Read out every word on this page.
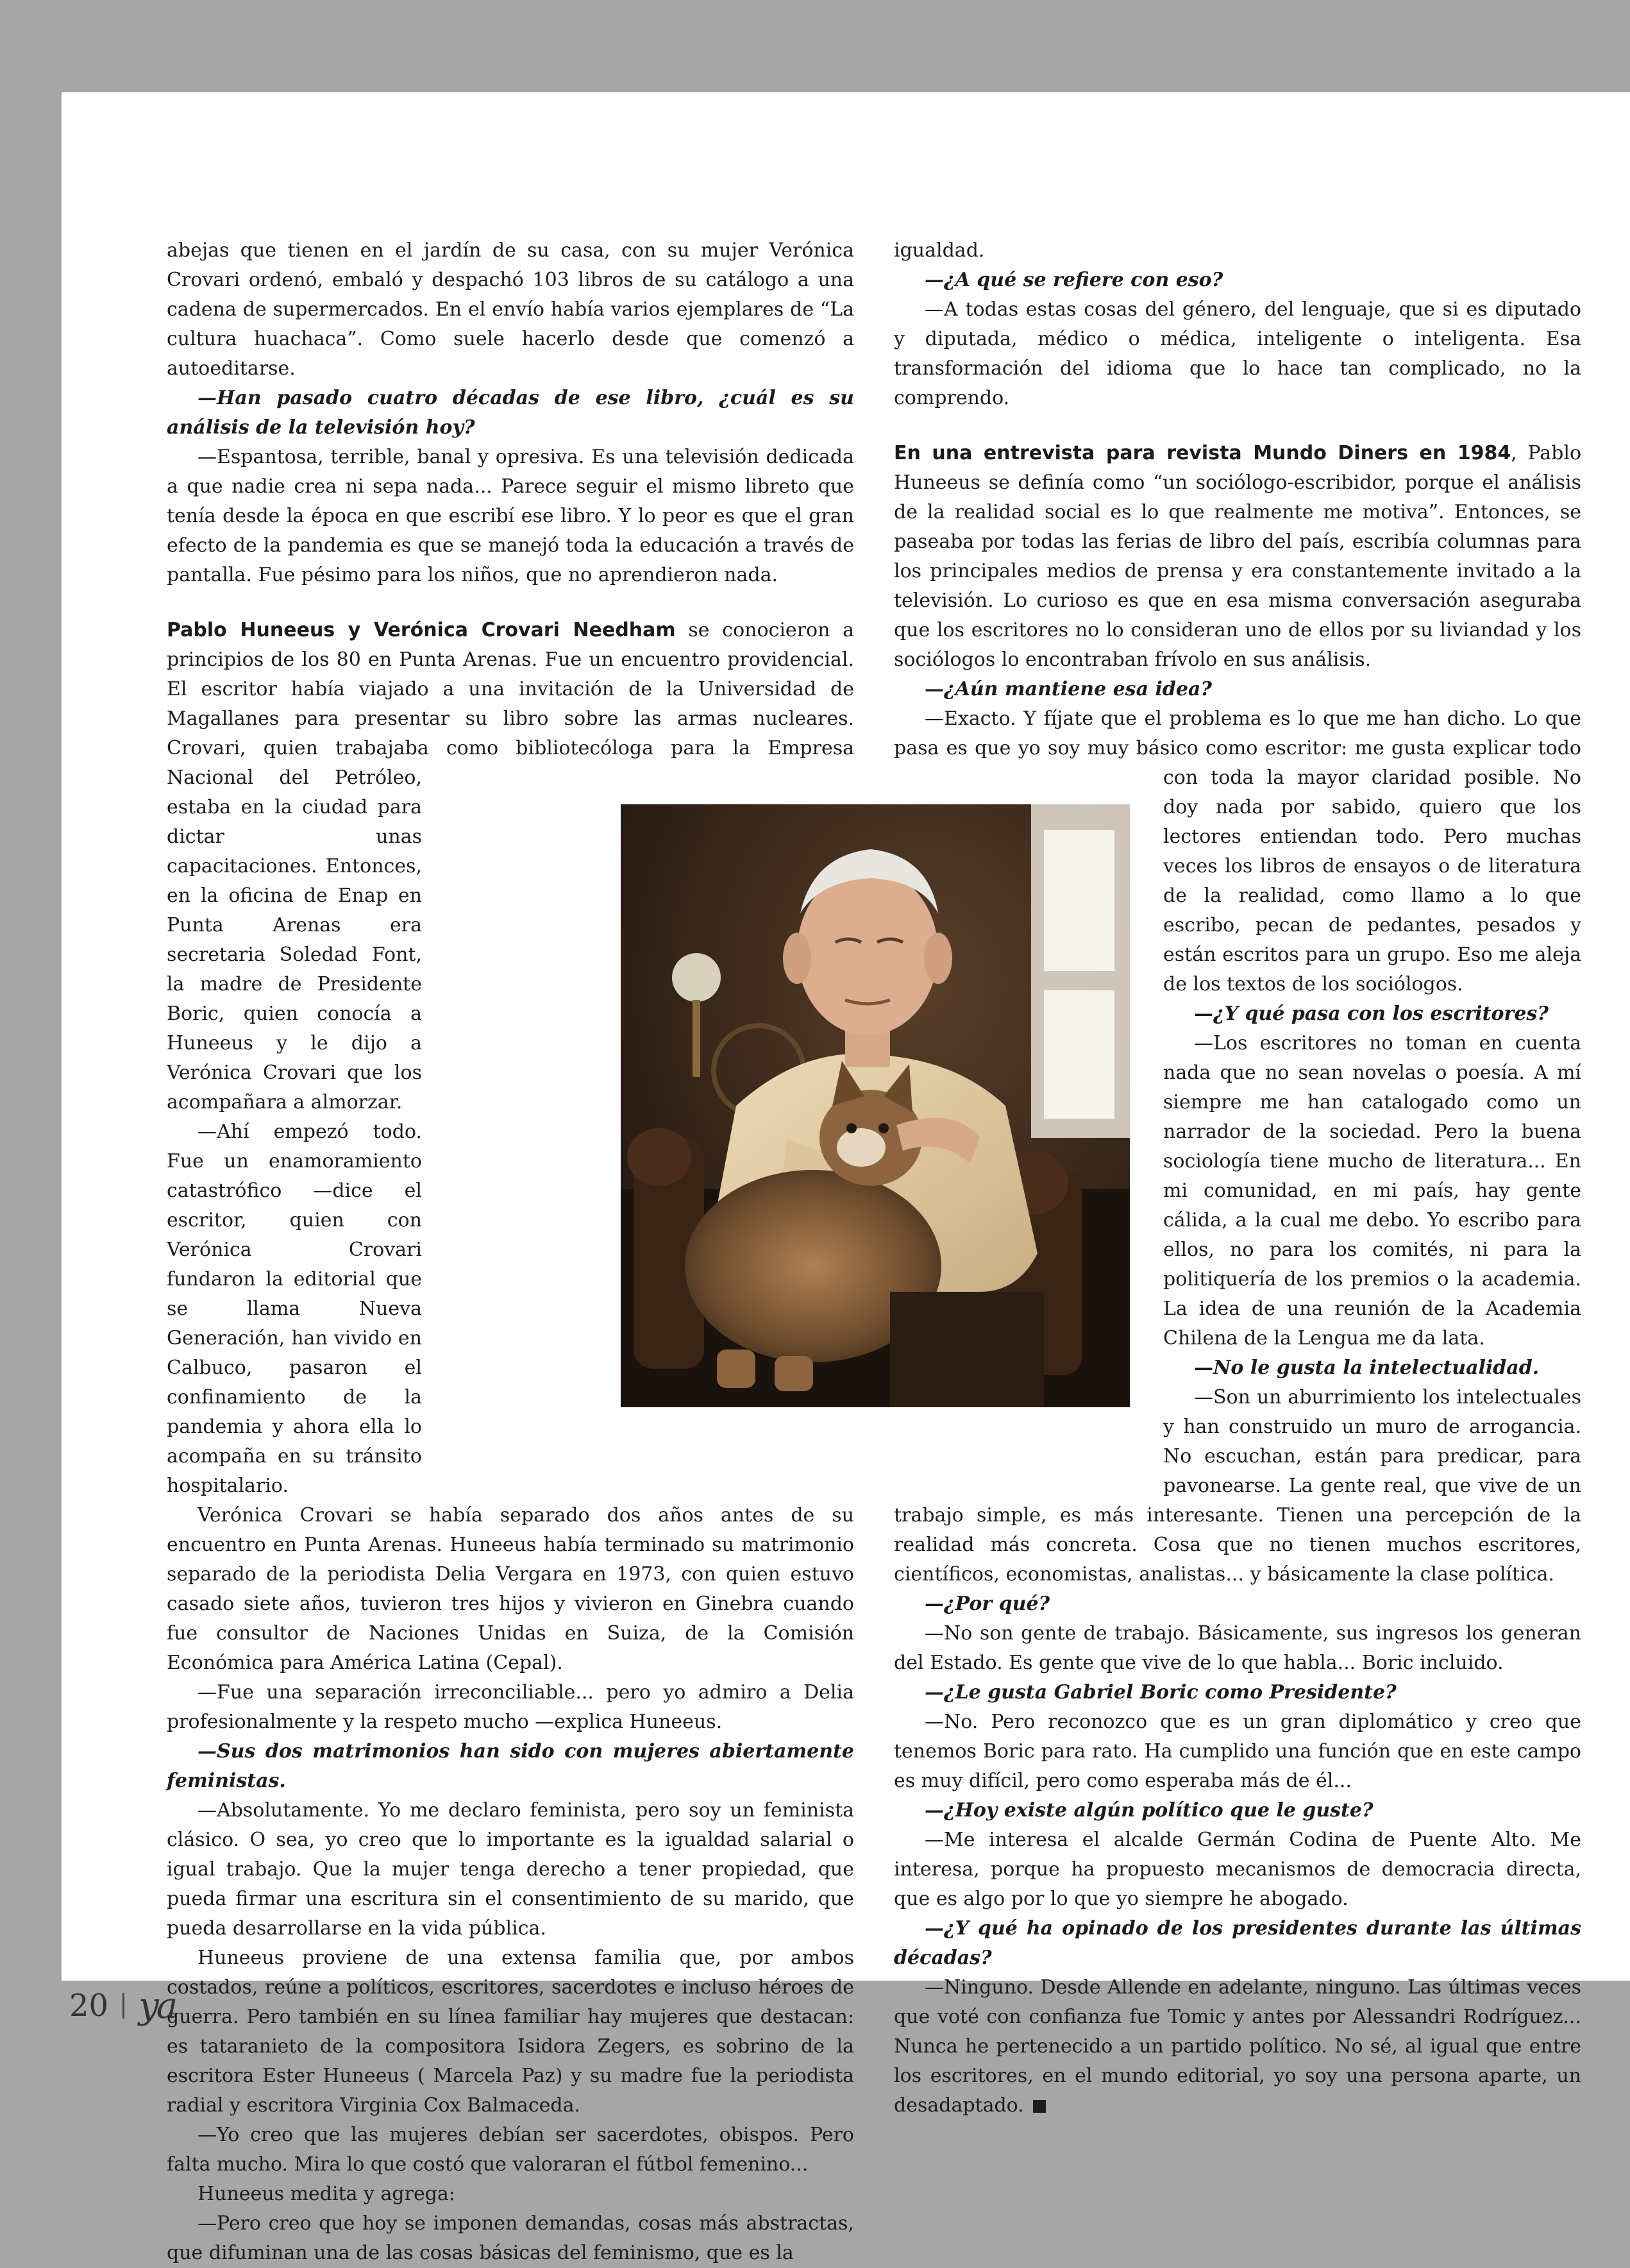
abejas que tienen en el jardín de su casa, con su mujer Verónica Crovari ordenó, embaló y despachó 103 libros de su catálogo a una cadena de supermercados. En el envío había varios ejemplares de “La cultura huachaca”. Como suele hacerlo desde que comenzó a autoeditarse.

—Han pasado cuatro décadas de ese libro, ¿cuál es su análisis de la televisión hoy?

—Espantosa, terrible, banal y opresiva. Es una televisión dedicada a que nadie crea ni sepa nada... Parece seguir el mismo libreto que tenía desde la época en que escribí ese libro. Y lo peor es que el gran efecto de la pandemia es que se manejó toda la educación a través de pantalla. Fue pésimo para los niños, que no aprendieron nada.

Pablo Huneeus y Verónica Crovari Needham se conocieron a principios de los 80 en Punta Arenas. Fue un encuentro providencial. El escritor había viajado a una invitación de la Universidad de Magallanes para presentar su libro sobre las armas nucleares. Crovari, quien trabajaba como bibliotecóloga para la Empresa Nacional del Petróleo, estaba en la ciudad para dictar unas capacitaciones. Entonces, en la oficina de Enap en Punta Arenas era secretaria Soledad Font, la madre de Presidente Boric, quien conocía a Huneeus y le dijo a Verónica Crovari que los acompañara a almorzar.

—Ahí empezó todo. Fue un enamoramiento catastrófico —dice el escritor, quien con Verónica Crovari fundaron la editorial que se llama Nueva Generación, han vivido en Calbuco, pasaron el confinamiento de la pandemia y ahora ella lo acompaña en su tránsito hospitalario.

Verónica Crovari se había separado dos años antes de su encuentro en Punta Arenas. Huneeus había terminado su matrimonio separado de la periodista Delia Vergara en 1973, con quien estuvo casado siete años, tuvieron tres hijos y vivieron en Ginebra cuando fue consultor de Naciones Unidas en Suiza, de la Comisión Económica para América Latina (Cepal).

—Fue una separación irreconciliable... pero yo admiro a Delia profesionalmente y la respeto mucho —explica Huneeus.

—Sus dos matrimonios han sido con mujeres abiertamente feministas.

—Absolutamente. Yo me declaro feminista, pero soy un feminista clásico. O sea, yo creo que lo importante es la igualdad salarial o igual trabajo. Que la mujer tenga derecho a tener propiedad, que pueda firmar una escritura sin el consentimiento de su marido, que pueda desarrollarse en la vida pública.

Huneeus proviene de una extensa familia que, por ambos costados, reúne a políticos, escritores, sacerdotes e incluso héroes de guerra. Pero también en su línea familiar hay mujeres que destacan: es tataranieto de la compositora Isidora Zegers, es sobrino de la escritora Ester Huneeus ( Marcela Paz) y su madre fue la periodista radial y escritora Virginia Cox Balmaceda.

—Yo creo que las mujeres debían ser sacerdotes, obispos. Pero falta mucho. Mira lo que costó que valoraran el fútbol femenino...

Huneeus medita y agrega:

—Pero creo que hoy se imponen demandas, cosas más abstractas, que difuminan una de las cosas básicas del feminismo, que es la

igualdad.

—¿A qué se refiere con eso?

—A todas estas cosas del género, del lenguaje, que si es diputado y diputada, médico o médica, inteligente o inteligenta. Esa transformación del idioma que lo hace tan complicado, no la comprendo.

En una entrevista para revista Mundo Diners en 1984, Pablo Huneeus se definía como “un sociólogo-escribidor, porque el análisis de la realidad social es lo que realmente me motiva”. Entonces, se paseaba por todas las ferias de libro del país, escribía columnas para los principales medios de prensa y era constantemente invitado a la televisión. Lo curioso es que en esa misma conversación aseguraba que los escritores no lo consideran uno de ellos por su liviandad y los sociólogos lo encontraban frívolo en sus análisis.

—¿Aún mantiene esa idea?

—Exacto. Y fíjate que el problema es lo que me han dicho. Lo que pasa es que yo soy muy básico como escritor: me gusta explicar todo con toda la mayor claridad posible. No doy nada por sabido, quiero que los lectores entiendan todo. Pero muchas veces los libros de ensayos o de literatura de la realidad, como llamo a lo que escribo, pecan de pedantes, pesados y están escritos para un grupo. Eso me aleja de los textos de los sociólogos.

—¿Y qué pasa con los escritores?

—Los escritores no toman en cuenta nada que no sean novelas o poesía. A mí siempre me han catalogado como un narrador de la sociedad. Pero la buena sociología tiene mucho de literatura... En mi comunidad, en mi país, hay gente cálida, a la cual me debo. Yo escribo para ellos, no para los comités, ni para la politiquería de los premios o la academia. La idea de una reunión de la Academia Chilena de la Lengua me da lata.

—No le gusta la intelectualidad.

—Son un aburrimiento los intelectuales y han construido un muro de arrogancia. No escuchan, están para predicar, para pavonearse. La gente real, que vive de un trabajo simple, es más interesante. Tienen una percepción de la realidad más concreta. Cosa que no tienen muchos escritores, científicos, economistas, analistas... y básicamente la clase política.

—¿Por qué?

—No son gente de trabajo. Básicamente, sus ingresos los generan del Estado. Es gente que vive de lo que habla... Boric incluido.

—¿Le gusta Gabriel Boric como Presidente?

—No. Pero reconozco que es un gran diplomático y creo que tenemos Boric para rato. Ha cumplido una función que en este campo es muy difícil, pero como esperaba más de él...

—¿Hoy existe algún político que le guste?

—Me interesa el alcalde Germán Codina de Puente Alto. Me interesa, porque ha propuesto mecanismos de democracia directa, que es algo por lo que yo siempre he abogado.

—¿Y qué ha opinado de los presidentes durante las últimas décadas?

—Ninguno. Desde Allende en adelante, ninguno. Las últimas veces que voté con confianza fue Tomic y antes por Alessandri Rodríguez... Nunca he pertenecido a un partido político. No sé, al igual que entre los escritores, en el mundo editorial, yo soy una persona aparte, un desadaptado.

20 ya
